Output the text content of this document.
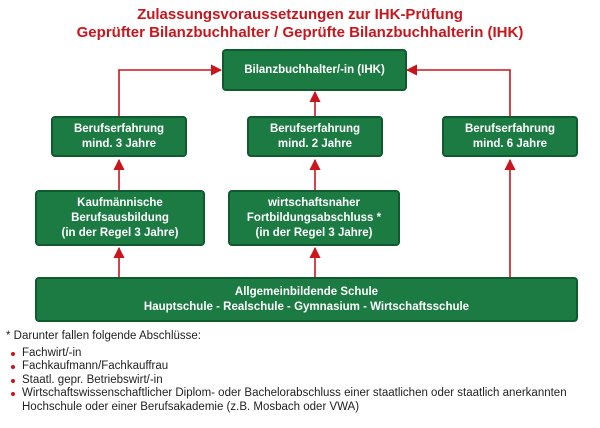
Zulassungsvoraussetzungen zur IHK-Prüfung
Geprüfter Bilanzbuchhalter / Geprüfte Bilanzbuchhalterin (IHK)
Bilanzbuchhalter/-in (IHK)
Berufserfahrung
mind. 3 Jahre
Berufserfahrung
mind. 2 Jahre
Berufserfahrung
mind. 6 Jahre
Kaufmännische
Berufsausbildung
(in der Regel 3 Jahre)
wirtschaftsnaher
Fortbildungsabschluss *
(in der Regel 3 Jahre)
Allgemeinbildende Schule
Hauptschule - Realschule - Gymnasium - Wirtschaftsschule
* Darunter fallen folgende Abschlüsse:
Fachwirt/-in
Fachkaufmann/Fachkauffrau
Staatl. gepr. Betriebswirt/-in
Wirtschaftswissenschaftlicher Diplom- oder Bachelorabschluss einer staatlichen oder staatlich anerkannten Hochschule oder einer Berufsakademie (z.B. Mosbach oder VWA)
